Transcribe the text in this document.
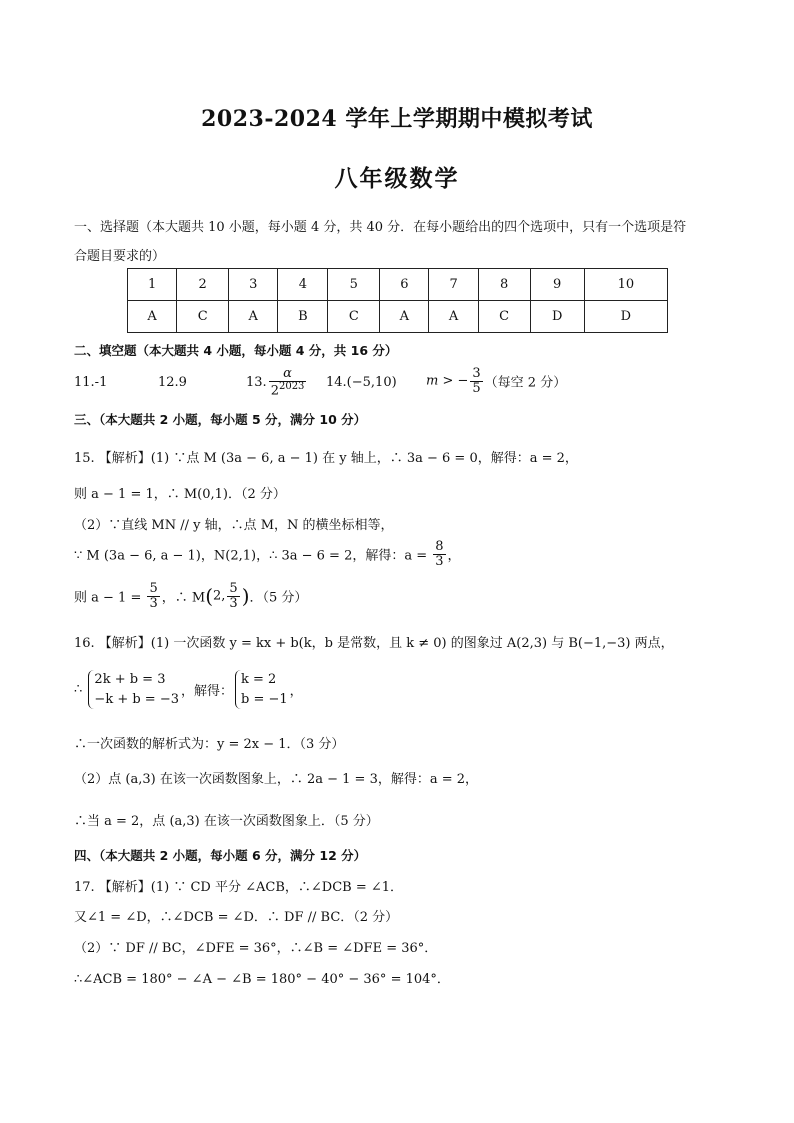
2023-2024 学年上学期期中模拟考试
八年级数学
一、选择题（本大题共 10 小题，每小题 4 分，共 40 分．在每小题给出的四个选项中，只有一个选项是符
合题目要求的）
1	2	3	4	5	6	7	8	9	10
A	C	A	B	C	A	A	C	D	D
二、填空题（本大题共 4 小题，每小题 4 分，共 16 分）
11.-1	12.9	13. $\frac{\alpha}{2^{2023}} 14.(-5,10) m$ > − $\frac{3}{5}$ （每空 2 分）
三、（本大题共 2 小题，每小题 5 分，满分 10 分）
15. 【解析】(1) ∵点 M (3a − 6, a − 1) 在 y 轴上，∴ 3a − 6 = 0，解得：a = 2，
则 a − 1 = 1，∴ M(0,1)．（2 分）
（2）∵直线 MN // y 轴，∴点 M，N 的横坐标相等，
∵ M (3a − 6, a − 1)，N(2,1)，∴ 3a − 6 = 2，解得：$a = \frac{8}{3}$ ，
则 $a - 1 = \frac{5}{3}$ ，∴ M(2, $\frac{5}{3}$ )．（5 分）
16. 【解析】(1) 一次函数 y = kx + b(k，b 是常数，且 k ≠ 0) 的图象过 A(2,3) 与 B(−1,−3) 两点，
∴
2k + b = 3
−k + b = −3 ，解得：
k = 2
b = −1 ，
∴一次函数的解析式为：y = 2x − 1．（3 分）
（2）点 (a,3) 在该一次函数图象上，∴ 2a − 1 = 3，解得：a = 2，
∴当 a = 2，点 (a,3) 在该一次函数图象上．（5 分）
四、（本大题共 2 小题，每小题 6 分，满分 12 分）
17. 【解析】(1) ∵ CD 平分 ∠ACB，∴∠DCB = ∠1．
又∠1 = ∠D，∴∠DCB = ∠D．∴ DF // BC．（2 分）
（2）∵ DF // BC，∠DFE = 36°，∴∠B = ∠DFE = 36°．
∴∠ACB = 180° − ∠A − ∠B = 180° − 40° − 36° = 104°．
